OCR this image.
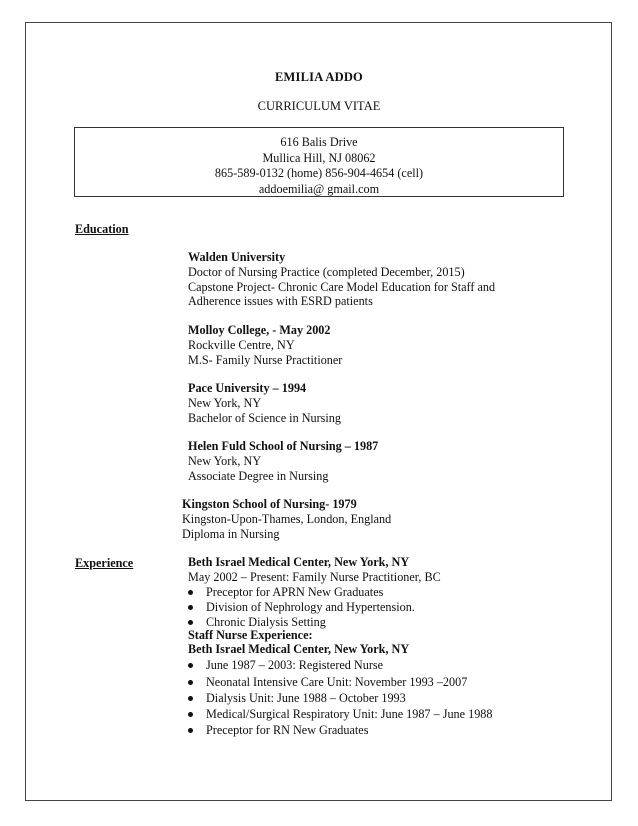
EMILIA ADDO
CURRICULUM VITAE
616 Balis Drive
Mullica Hill, NJ 08062
865-589-0132 (home) 856-904-4654 (cell)
addoemilia@ gmail.com
Education
Walden University
Doctor of Nursing Practice (completed December, 2015)
Capstone Project- Chronic Care Model Education for Staff and
Adherence issues with ESRD patients
Molloy College, - May 2002
Rockville Centre, NY
M.S- Family Nurse Practitioner
Pace University – 1994
New York, NY
Bachelor of Science in Nursing
Helen Fuld School of Nursing – 1987
New York, NY
Associate Degree in Nursing
Kingston School of Nursing- 1979
Kingston-Upon-Thames, London, England
Diploma in Nursing
Experience	Beth Israel Medical Center, New York, NY
May 2002 – Present: Family Nurse Practitioner, BC
Preceptor for APRN New Graduates
Division of Nephrology and Hypertension.
Chronic Dialysis Setting
Staff Nurse Experience:
Beth Israel Medical Center, New York, NY
June 1987 – 2003: Registered Nurse
Neonatal Intensive Care Unit: November 1993 –2007
Dialysis Unit: June 1988 – October 1993
Medical/Surgical Respiratory Unit: June 1987 – June 1988
Preceptor for RN New Graduates
